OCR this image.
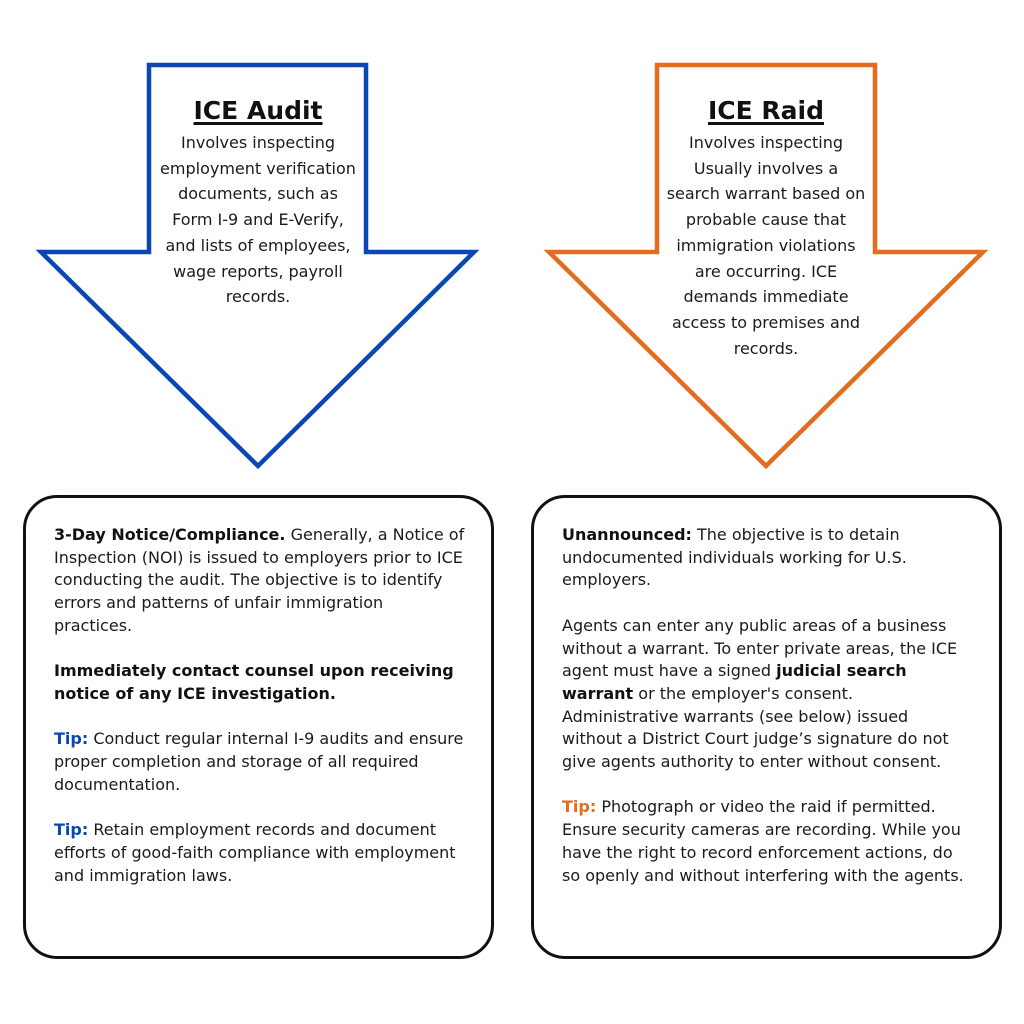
ICE Audit
Involves inspecting employment verification documents, such as Form I-9 and E-Verify, and lists of employees, wage reports, payroll records.
ICE Raid
Involves inspecting Usually involves a search warrant based on probable cause that immigration violations are occurring. ICE demands immediate access to premises and records.

3-Day Notice/Compliance. Generally, a Notice of Inspection (NOI) is issued to employers prior to ICE conducting the audit. The objective is to identify errors and patterns of unfair immigration practices.

Immediately contact counsel upon receiving notice of any ICE investigation.

Tip: Conduct regular internal I-9 audits and ensure proper completion and storage of all required documentation.

Tip: Retain employment records and document efforts of good-faith compliance with employment and immigration laws.

Unannounced: The objective is to detain undocumented individuals working for U.S. employers.

Agents can enter any public areas of a business without a warrant. To enter private areas, the ICE agent must have a signed judicial search warrant or the employer's consent. Administrative warrants (see below) issued without a District Court judge’s signature do not give agents authority to enter without consent.

Tip: Photograph or video the raid if permitted. Ensure security cameras are recording. While you have the right to record enforcement actions, do so openly and without interfering with the agents.
